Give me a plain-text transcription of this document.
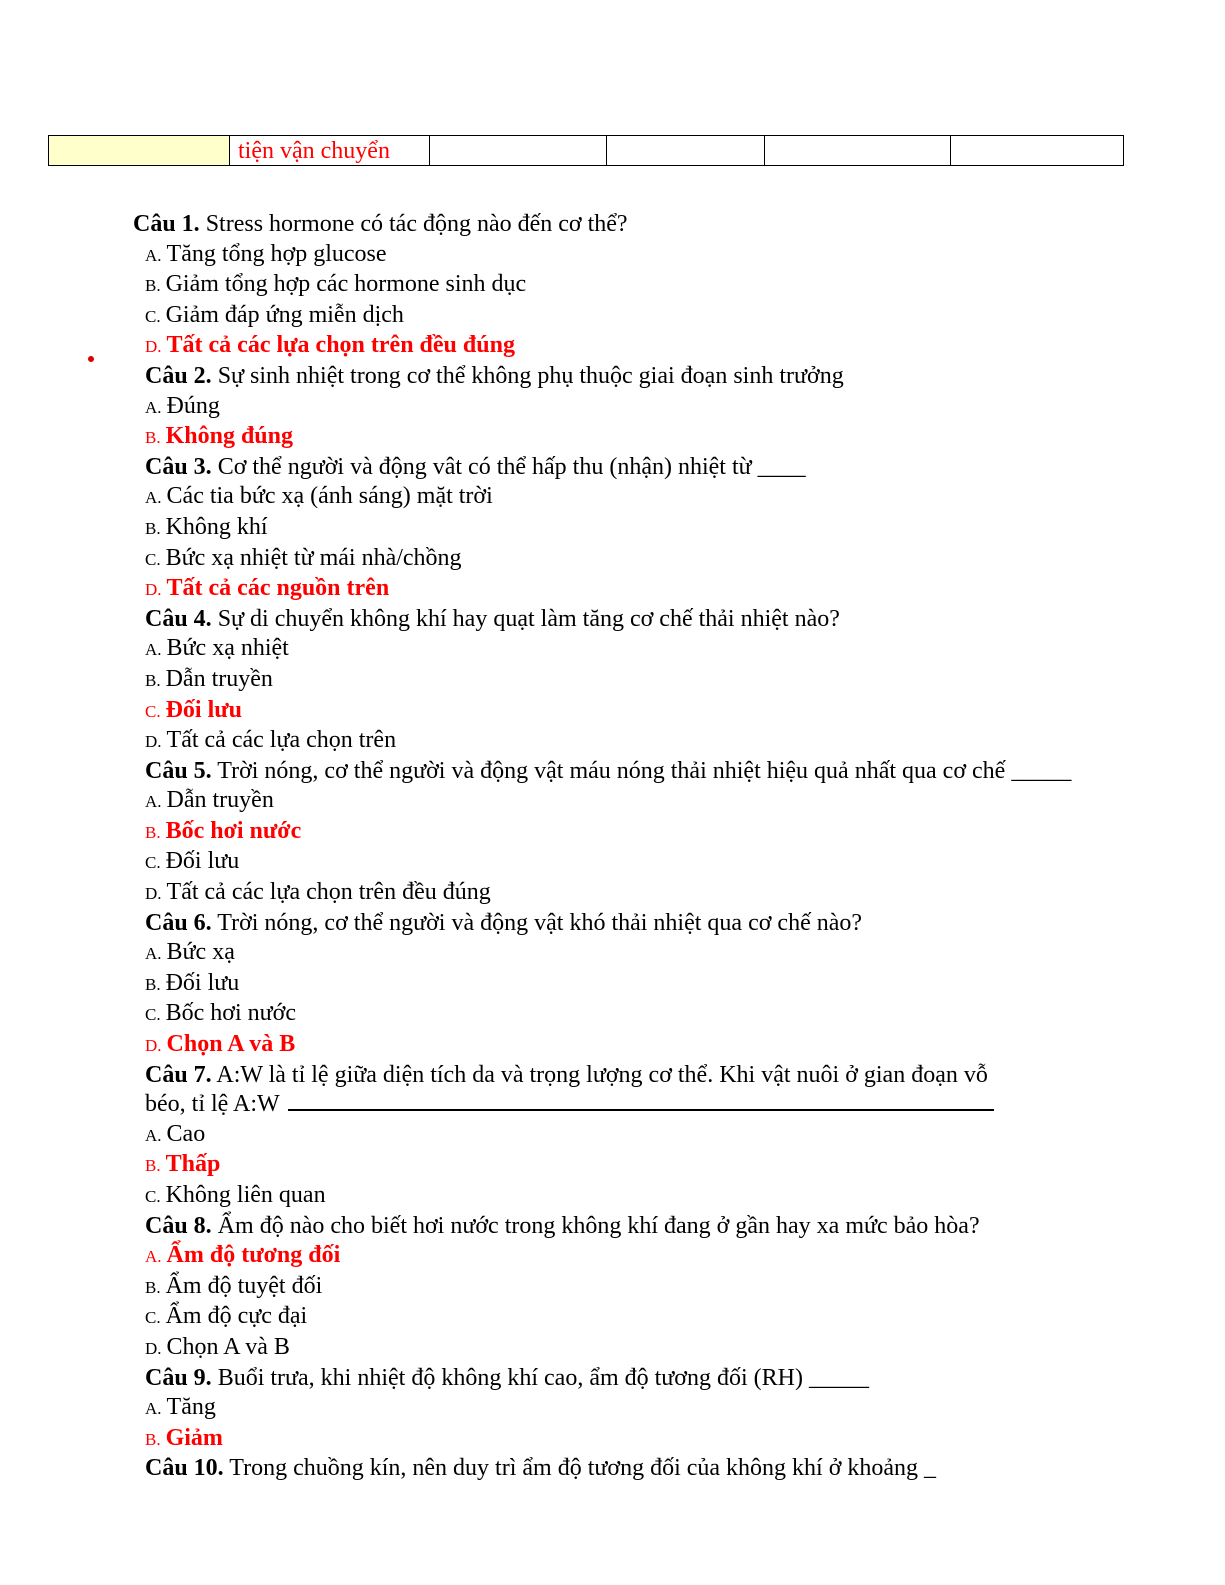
	tiện vận chuyển				
Câu 1. Stress hormone có tác động nào đến cơ thể?
A. Tăng tổng hợp glucose
B. Giảm tổng hợp các hormone sinh dục
C. Giảm đáp ứng miễn dịch
D. Tất cả các lựa chọn trên đều đúng
Câu 2. Sự sinh nhiệt trong cơ thể không phụ thuộc giai đoạn sinh trưởng
A. Đúng
B. Không đúng
Câu 3. Cơ thể người và động vât có thể hấp thu (nhận) nhiệt từ ____
A. Các tia bức xạ (ánh sáng) mặt trời
B. Không khí
C. Bức xạ nhiệt từ mái nhà/chồng
D. Tất cả các nguồn trên
Câu 4. Sự di chuyển không khí hay quạt làm tăng cơ chế thải nhiệt nào?
A. Bức xạ nhiệt
B. Dẫn truyền
C. Đối lưu
D. Tất cả các lựa chọn trên
Câu 5. Trời nóng, cơ thể người và động vật máu nóng thải nhiệt hiệu quả nhất qua cơ chế _____
A. Dẫn truyền
B. Bốc hơi nước
C. Đối lưu
D. Tất cả các lựa chọn trên đều đúng
Câu 6. Trời nóng, cơ thể người và động vật khó thải nhiệt qua cơ chế nào?
A. Bức xạ
B. Đối lưu
C. Bốc hơi nước
D. Chọn A và B
Câu 7. A:W là tỉ lệ giữa diện tích da và trọng lượng cơ thể. Khi vật nuôi ở gian đoạn vỗ
béo, tỉ lệ A:W
A. Cao
B. Thấp
C. Không liên quan
Câu 8. Ẩm độ nào cho biết hơi nước trong không khí đang ở gần hay xa mức bảo hòa?
A. Ẩm độ tương đối
B. Ẩm độ tuyệt đối
C. Ẩm độ cực đại
D. Chọn A và B
Câu 9. Buổi trưa, khi nhiệt độ không khí cao, ẩm độ tương đối (RH) _____
A. Tăng
B. Giảm
Câu 10. Trong chuồng kín, nên duy trì ẩm độ tương đối của không khí ở khoảng _
